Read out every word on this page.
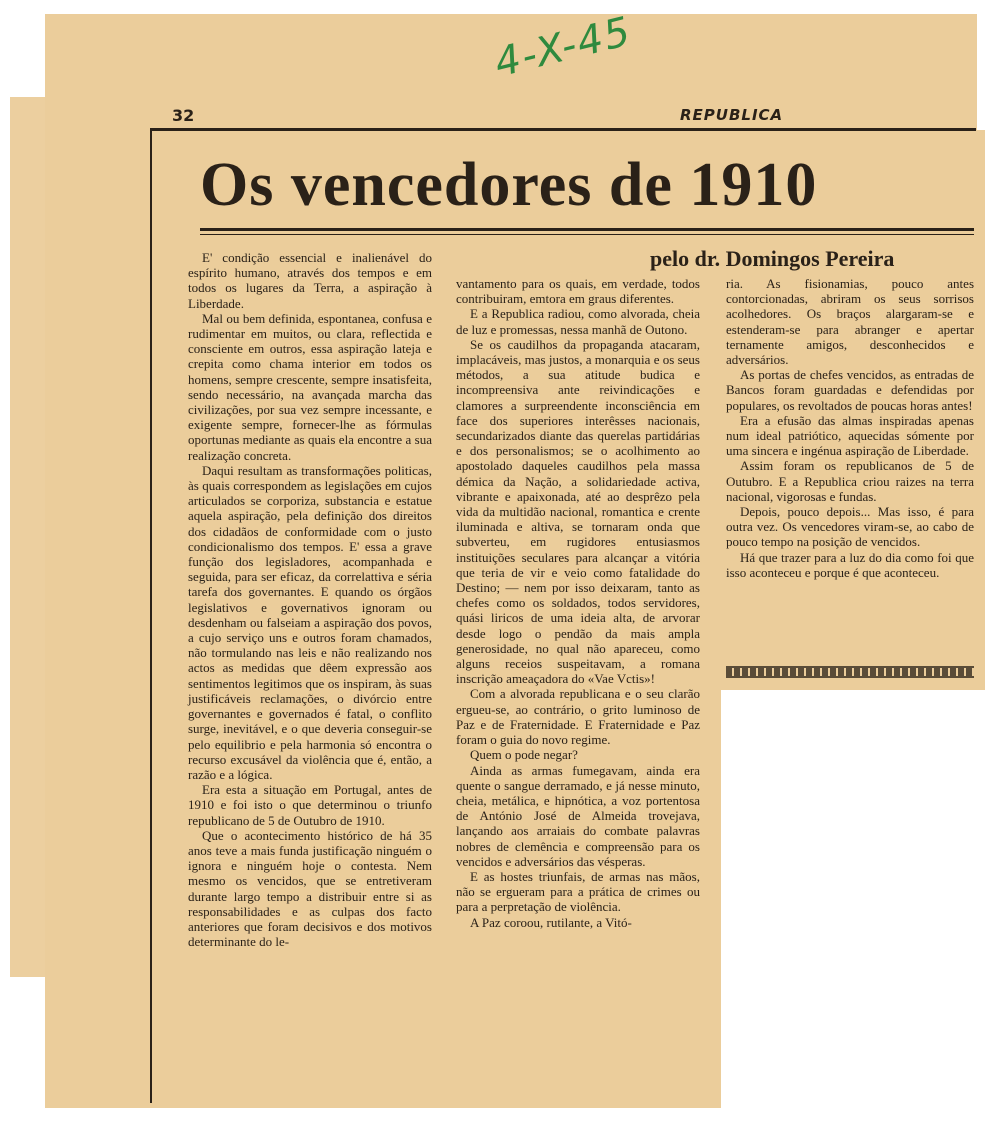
4-X-45
32	REPUBLICA
Os vencedores de 1910
pelo dr. Domingos Pereira

E' condição essencial e inalienável do espírito humano, através dos tempos e em todos os lugares da Terra, a aspiração à Liberdade.

Mal ou bem definida, espontanea, confusa e rudimentar em muitos, ou clara, reflectida e consciente em outros, essa aspiração lateja e crepita como chama interior em todos os homens, sempre crescente, sempre insatisfeita, sendo necessário, na avançada marcha das civilizações, por sua vez sempre incessante, e exigente sempre, fornecer-lhe as fórmulas oportunas mediante as quais ela encontre a sua realização concreta.

Daqui resultam as transformações politicas, às quais correspondem as legislações em cujos articulados se corporiza, substancia e estatue aquela aspiração, pela definição dos direitos dos cidadãos de conformidade com o justo condicionalismo dos tempos. E' essa a grave função dos legisladores, acompanhada e seguida, para ser eficaz, da correlattiva e séria tarefa dos governantes. E quando os órgãos legislativos e governativos ignoram ou desdenham ou falseiam a aspiração dos povos, a cujo serviço uns e outros foram chamados, não tormulando nas leis e não realizando nos actos as medidas que dêem expressão aos sentimentos legitimos que os inspiram, às suas justificáveis reclamações, o divórcio entre governantes e governados é fatal, o conflito surge, inevitável, e o que deveria conseguir-se pelo equilibrio e pela harmonia só encontra o recurso excusável da violência que é, então, a razão e a lógica.

Era esta a situação em Portugal, antes de 1910 e foi isto o que determinou o triunfo republicano de 5 de Outubro de 1910.

Que o acontecimento histórico de há 35 anos teve a mais funda justificação ninguém o ignora e ninguém hoje o contesta. Nem mesmo os vencidos, que se entretiveram durante largo tempo a distribuir entre si as responsabilidades e as culpas dos facto anteriores que foram decisivos e dos motivos determinante do le-

vantamento para os quais, em verdade, todos contribuiram, emtora em graus diferentes.

E a Republica radiou, como alvorada, cheia de luz e promessas, nessa manhã de Outono.

Se os caudilhos da propaganda atacaram, implacáveis, mas justos, a monarquia e os seus métodos, a sua atitude budica e incompreensiva ante reivindicações e clamores a surpreendente inconsciência em face dos superiores interêsses nacionais, secundarizados diante das querelas partidárias e dos personalismos; se o acolhimento ao apostolado daqueles caudilhos pela massa démica da Nação, a solidariedade activa, vibrante e apaixonada, até ao desprêzo pela vida da multidão nacional, romantica e crente iluminada e altiva, se tornaram onda que subverteu, em rugidores entusiasmos instituições seculares para alcançar a vitória que teria de vir e veio como fatalidade do Destino; — nem por isso deixaram, tanto as chefes como os soldados, todos servidores, quási liricos de uma ideia alta, de arvorar desde logo o pendão da mais ampla generosidade, no qual não apareceu, como alguns receios suspeitavam, a romana inscrição ameaçadora do «Vae Vctis»!

Com a alvorada republicana e o seu clarão ergueu-se, ao contrário, o grito luminoso de Paz e de Fraternidade. E Fraternidade e Paz foram o guia do novo regime.

Quem o pode negar?

Ainda as armas fumegavam, ainda era quente o sangue derramado, e já nesse minuto, cheia, metálica, e hipnótica, a voz portentosa de António José de Almeida trovejava, lançando aos arraiais do combate palavras nobres de clemência e compreensão para os vencidos e adversários das vésperas.

E as hostes triunfais, de armas nas mãos, não se ergueram para a prática de crimes ou para a perpretação de violência.

A Paz coroou, rutilante, a Vitó-

ria. As fisionamias, pouco antes contorcionadas, abriram os seus sorrisos acolhedores. Os braços alargaram-se e estenderam-se para abranger e apertar ternamente amigos, desconhecidos e adversários.

As portas de chefes vencidos, as entradas de Bancos foram guardadas e defendidas por populares, os revoltados de poucas horas antes!

Era a efusão das almas inspiradas apenas num ideal patriótico, aquecidas sómente por uma sincera e ingénua aspiração de Liberdade.

Assim foram os republicanos de 5 de Outubro. E a Republica criou raizes na terra nacional, vigorosas e fundas.

Depois, pouco depois... Mas isso, é para outra vez. Os vencedores viram-se, ao cabo de pouco tempo na posição de vencidos.

Há que trazer para a luz do dia como foi que isso aconteceu e porque é que aconteceu.
